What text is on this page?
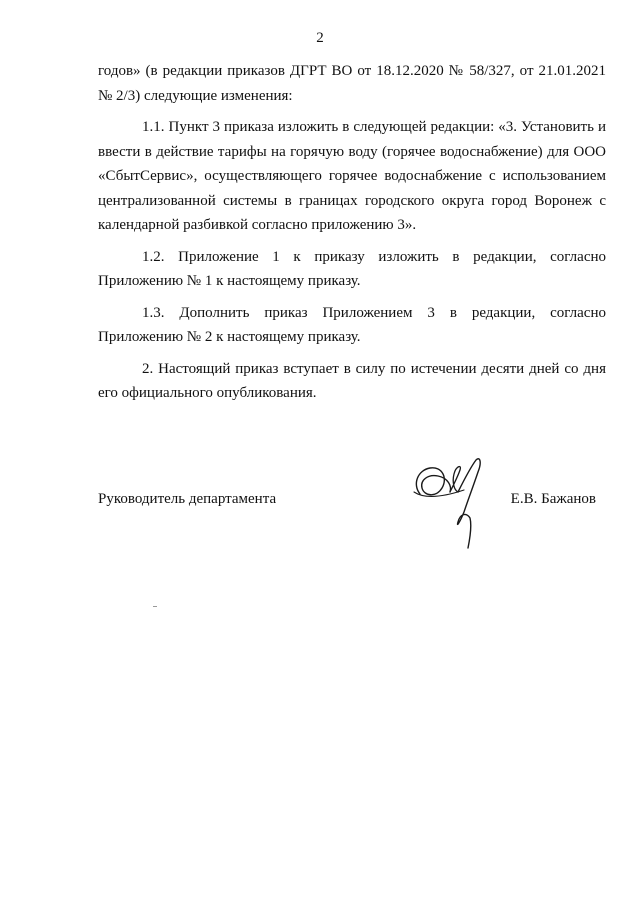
2

годов» (в редакции приказов ДГРТ ВО от 18.12.2020 № 58/327, от 21.01.2021 № 2/3) следующие изменения:

1.1. Пункт 3 приказа изложить в следующей редакции: «3. Установить и ввести в действие тарифы на горячую воду (горячее водоснабжение) для ООО «СбытСервис», осуществляющего горячее водоснабжение с использованием централизованной системы в границах городского округа город Воронеж с календарной разбивкой согласно приложению 3».

1.2. Приложение 1 к приказу изложить в редакции, согласно Приложению № 1 к настоящему приказу.

1.3. Дополнить приказ Приложением 3 в редакции, согласно Приложению № 2 к настоящему приказу.

2. Настоящий приказ вступает в силу по истечении десяти дней со дня его официального опубликования.

Руководитель департамента	Е.В. Бажанов
